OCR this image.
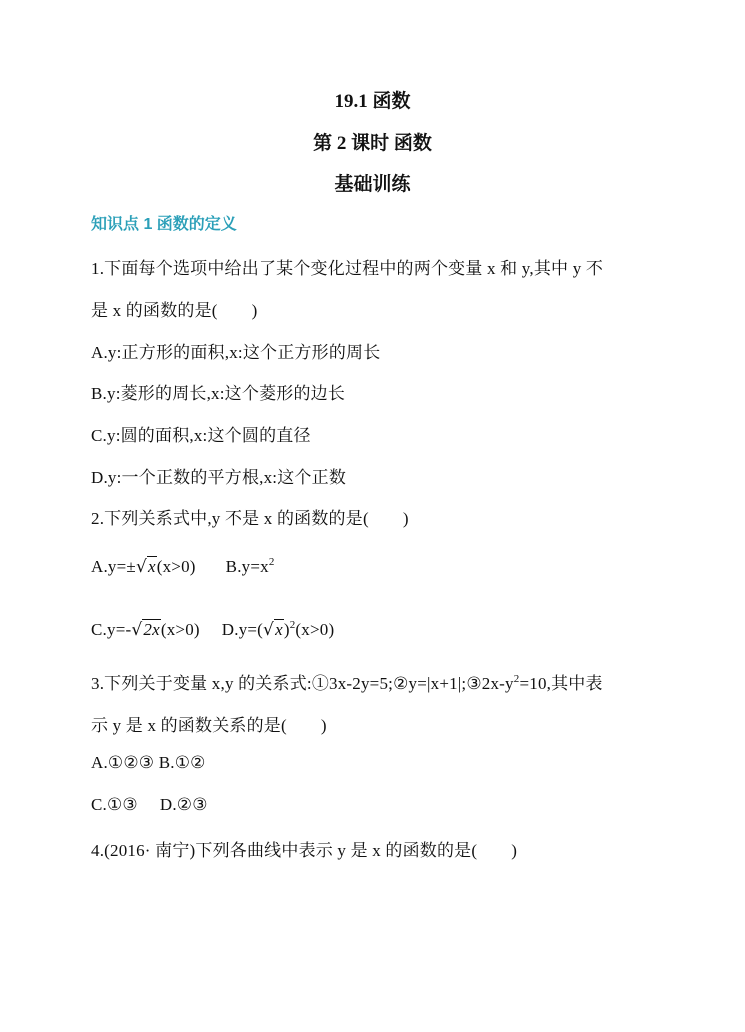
19.1 函数
第 2 课时 函数
基础训练
知识点 1 函数的定义
1.下面每个选项中给出了某个变化过程中的两个变量 x 和 y,其中 y 不
是 x 的函数的是( )
A.y:正方形的面积,x:这个正方形的周长
B.y:菱形的周长,x:这个菱形的边长
C.y:圆的面积,x:这个圆的直径
D.y:一个正数的平方根,x:这个正数
2.下列关系式中,y 不是 x 的函数的是( )
A.y=±√x(x>0) $B.y=x^2$
C.y=-√2x(x>0) $D.y=(√x)^2(x>0)$
3.下列关于变量 x,y 的关系式$:①3x-2y=5;②y=|x+1|;③2x-y^2=10$,其中表
示 y 是 x 的函数关系的是( )
A.①②③ B.①②
C.①③ D.②③
4.(2016· 南宁)下列各曲线中表示 y 是 x 的函数的是( )
